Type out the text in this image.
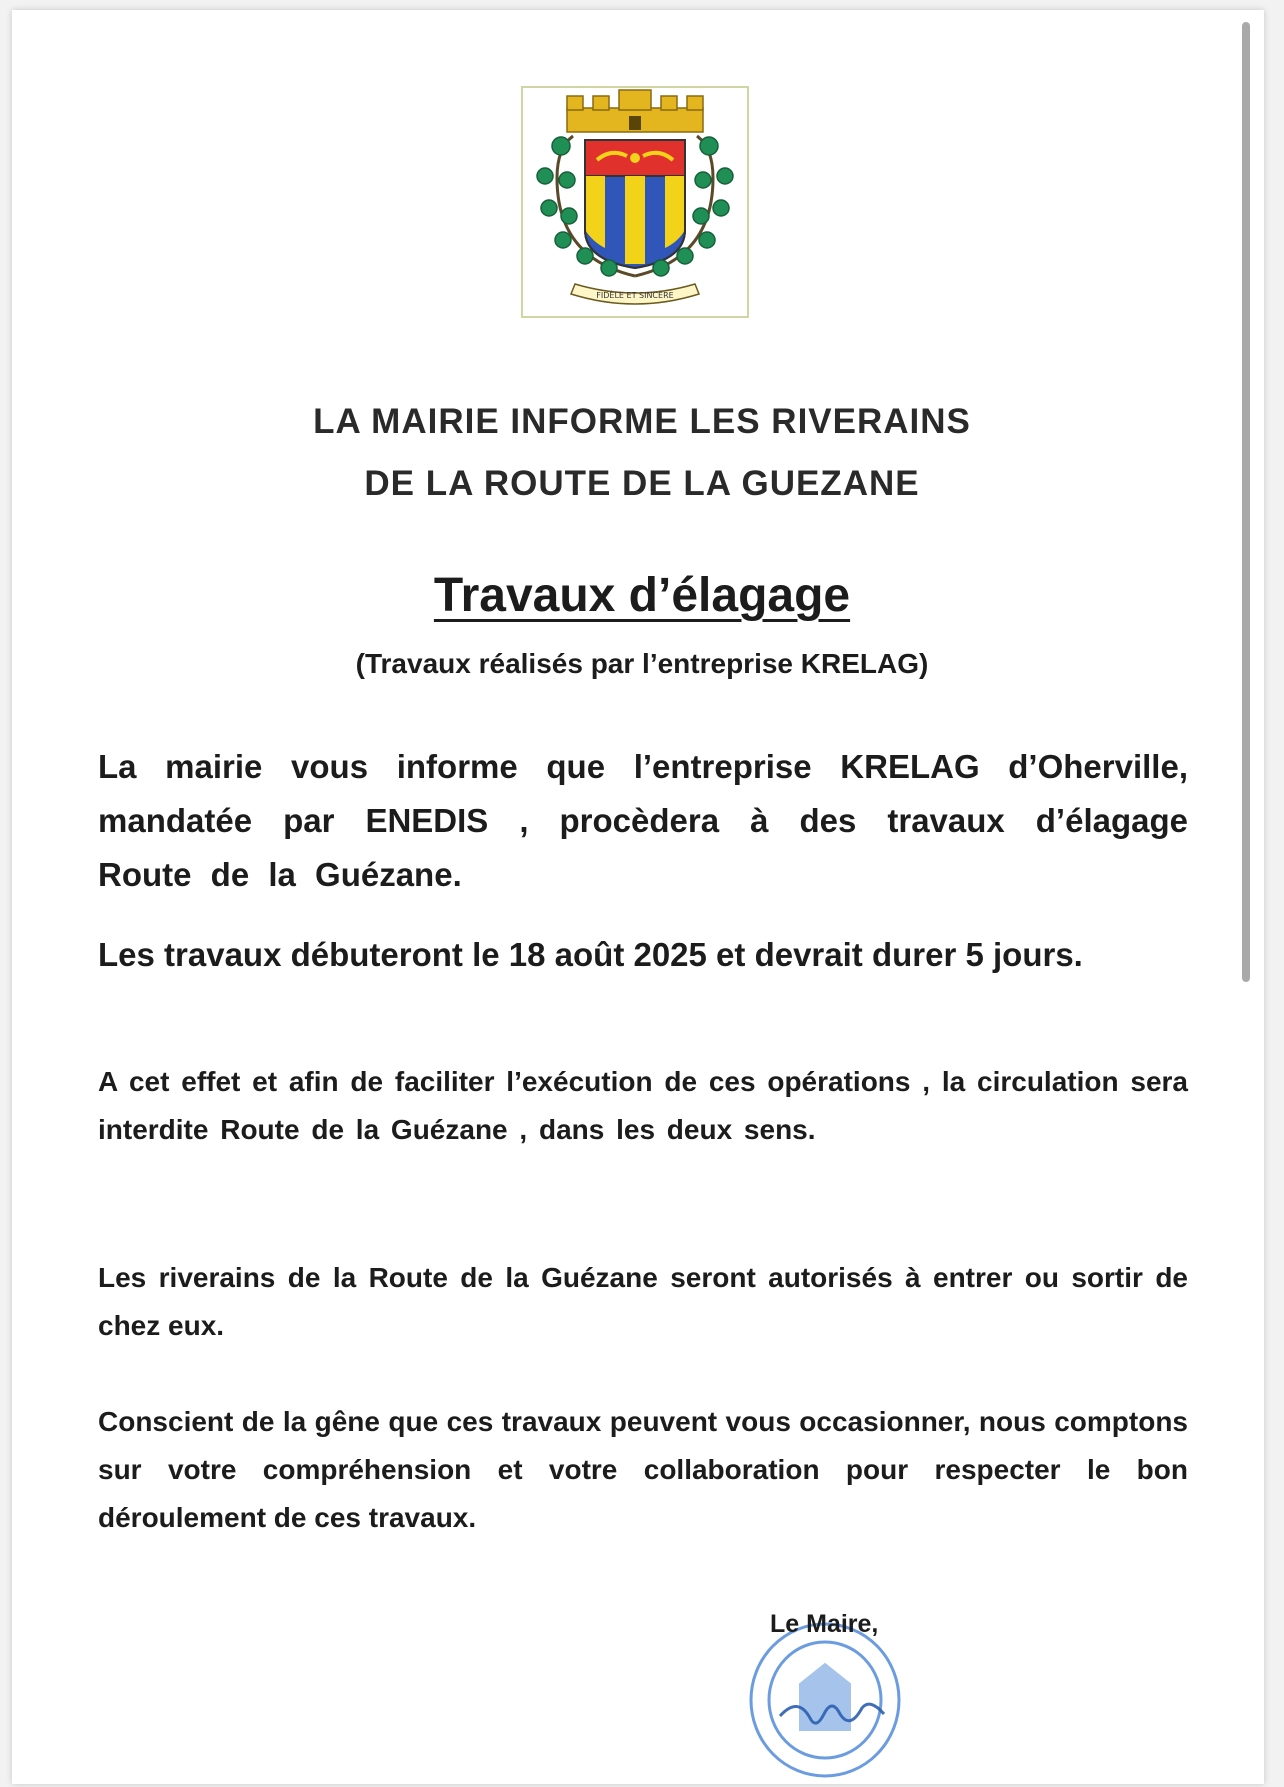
FIDÈLE ET SINCÈRE
LA MAIRIE INFORME LES RIVERAINS
DE LA ROUTE DE LA GUEZANE
Travaux d’élagage
(Travaux réalisés par l’entreprise KRELAG)
La mairie vous informe que l’entreprise KRELAG d’Oherville, mandatée par ENEDIS , procèdera à des travaux d’élagage Route de la Guézane.
Les travaux débuteront le 18 août 2025 et devrait durer 5 jours.
A cet effet et afin de faciliter l’exécution de ces opérations , la circulation sera interdite Route de la Guézane , dans les deux sens.
Les riverains de la Route de la Guézane seront autorisés à entrer ou sortir de chez eux.
Conscient de la gêne que ces travaux peuvent vous occasionner, nous comptons sur votre compréhension et votre collaboration pour respecter le bon déroulement de ces travaux.
Le Maire,
